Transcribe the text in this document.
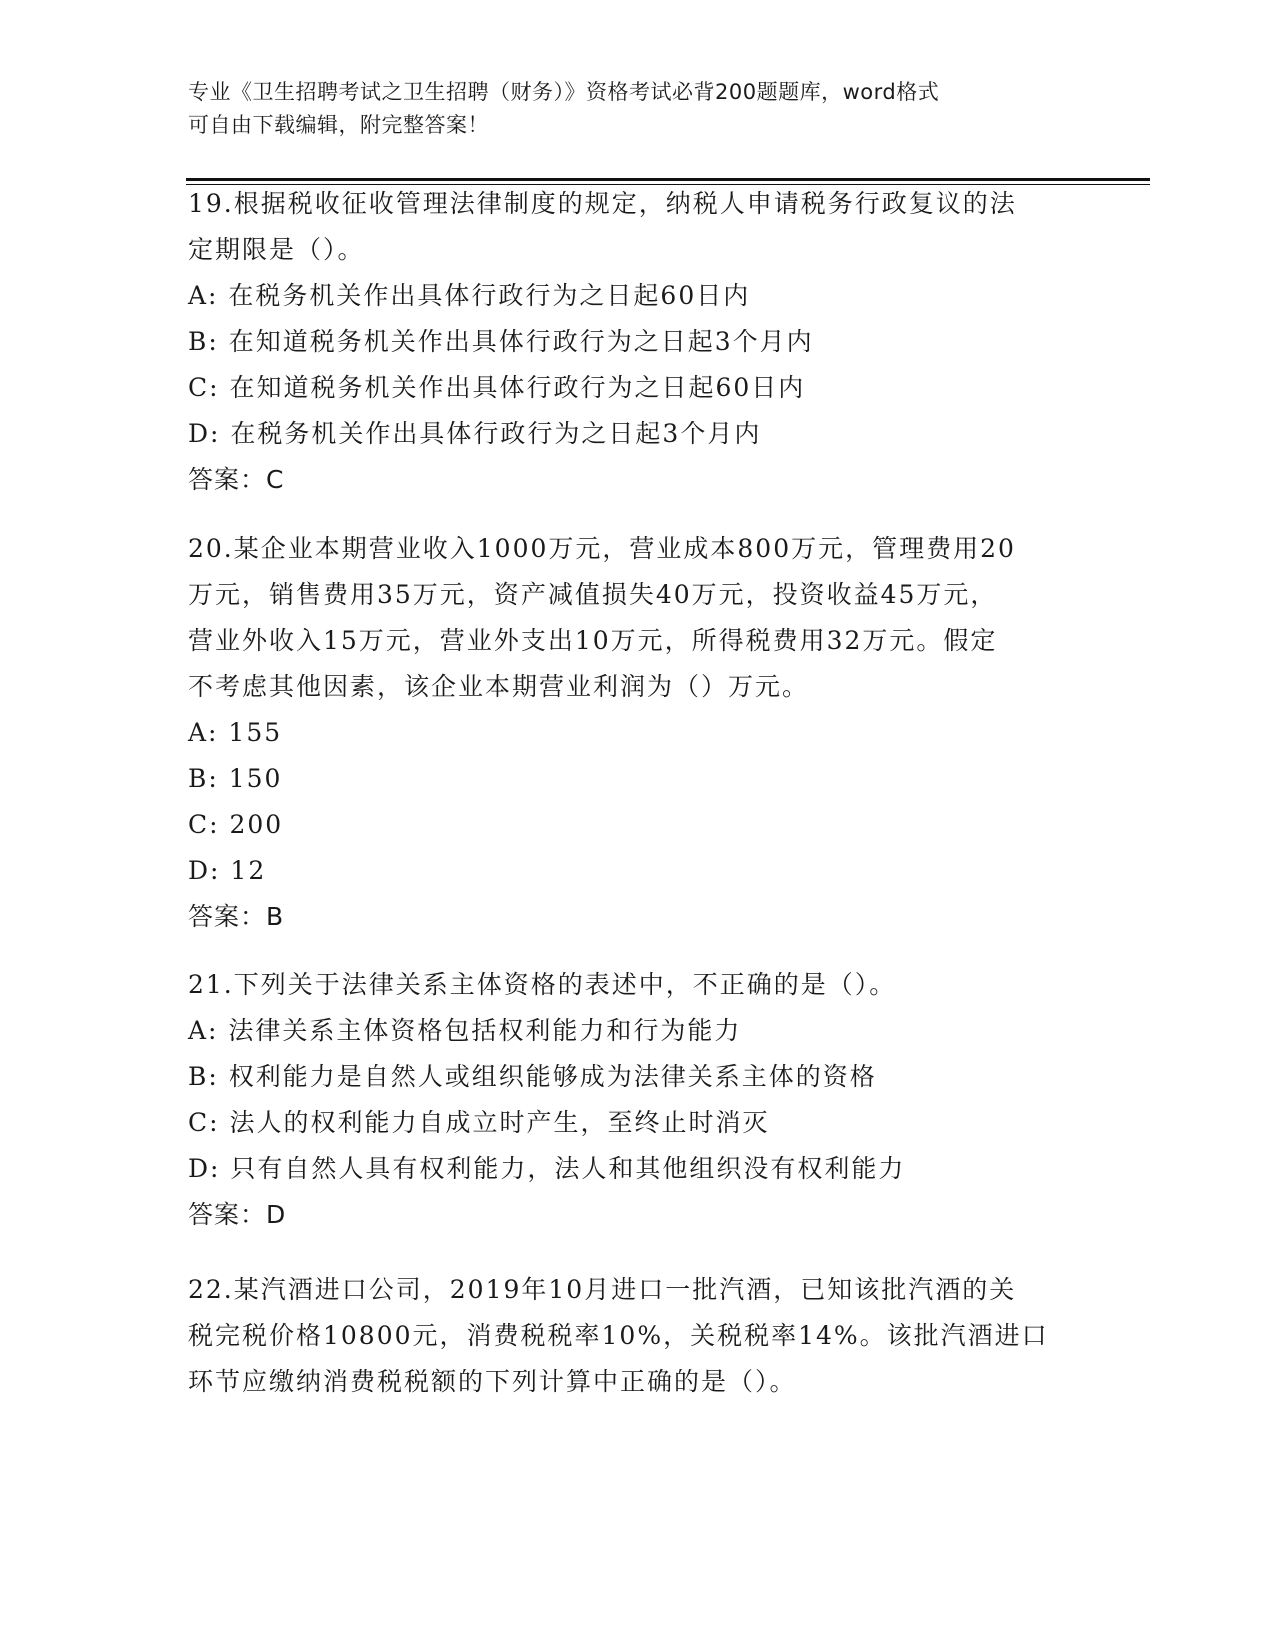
专业《卫生招聘考试之卫生招聘（财务）》资格考试必背200题题库，word格式
可自由下载编辑，附完整答案！
19.根据税收征收管理法律制度的规定，纳税人申请税务行政复议的法
定期限是（）。
A: 在税务机关作出具体行政行为之日起60日内
B: 在知道税务机关作出具体行政行为之日起3个月内
C: 在知道税务机关作出具体行政行为之日起60日内
D: 在税务机关作出具体行政行为之日起3个月内
答案：C
20.某企业本期营业收入1000万元，营业成本800万元，管理费用20
万元，销售费用35万元，资产减值损失40万元，投资收益45万元，
营业外收入15万元，营业外支出10万元，所得税费用32万元。假定
不考虑其他因素，该企业本期营业利润为（）万元。
A: 155
B: 150
C: 200
D: 12
答案：B
21.下列关于法律关系主体资格的表述中，不正确的是（）。
A: 法律关系主体资格包括权利能力和行为能力
B: 权利能力是自然人或组织能够成为法律关系主体的资格
C: 法人的权利能力自成立时产生，至终止时消灭
D: 只有自然人具有权利能力，法人和其他组织没有权利能力
答案：D
22.某汽酒进口公司，2019年10月进口一批汽酒，已知该批汽酒的关
税完税价格10800元，消费税税率10%，关税税率14%。该批汽酒进口
环节应缴纳消费税税额的下列计算中正确的是（）。
